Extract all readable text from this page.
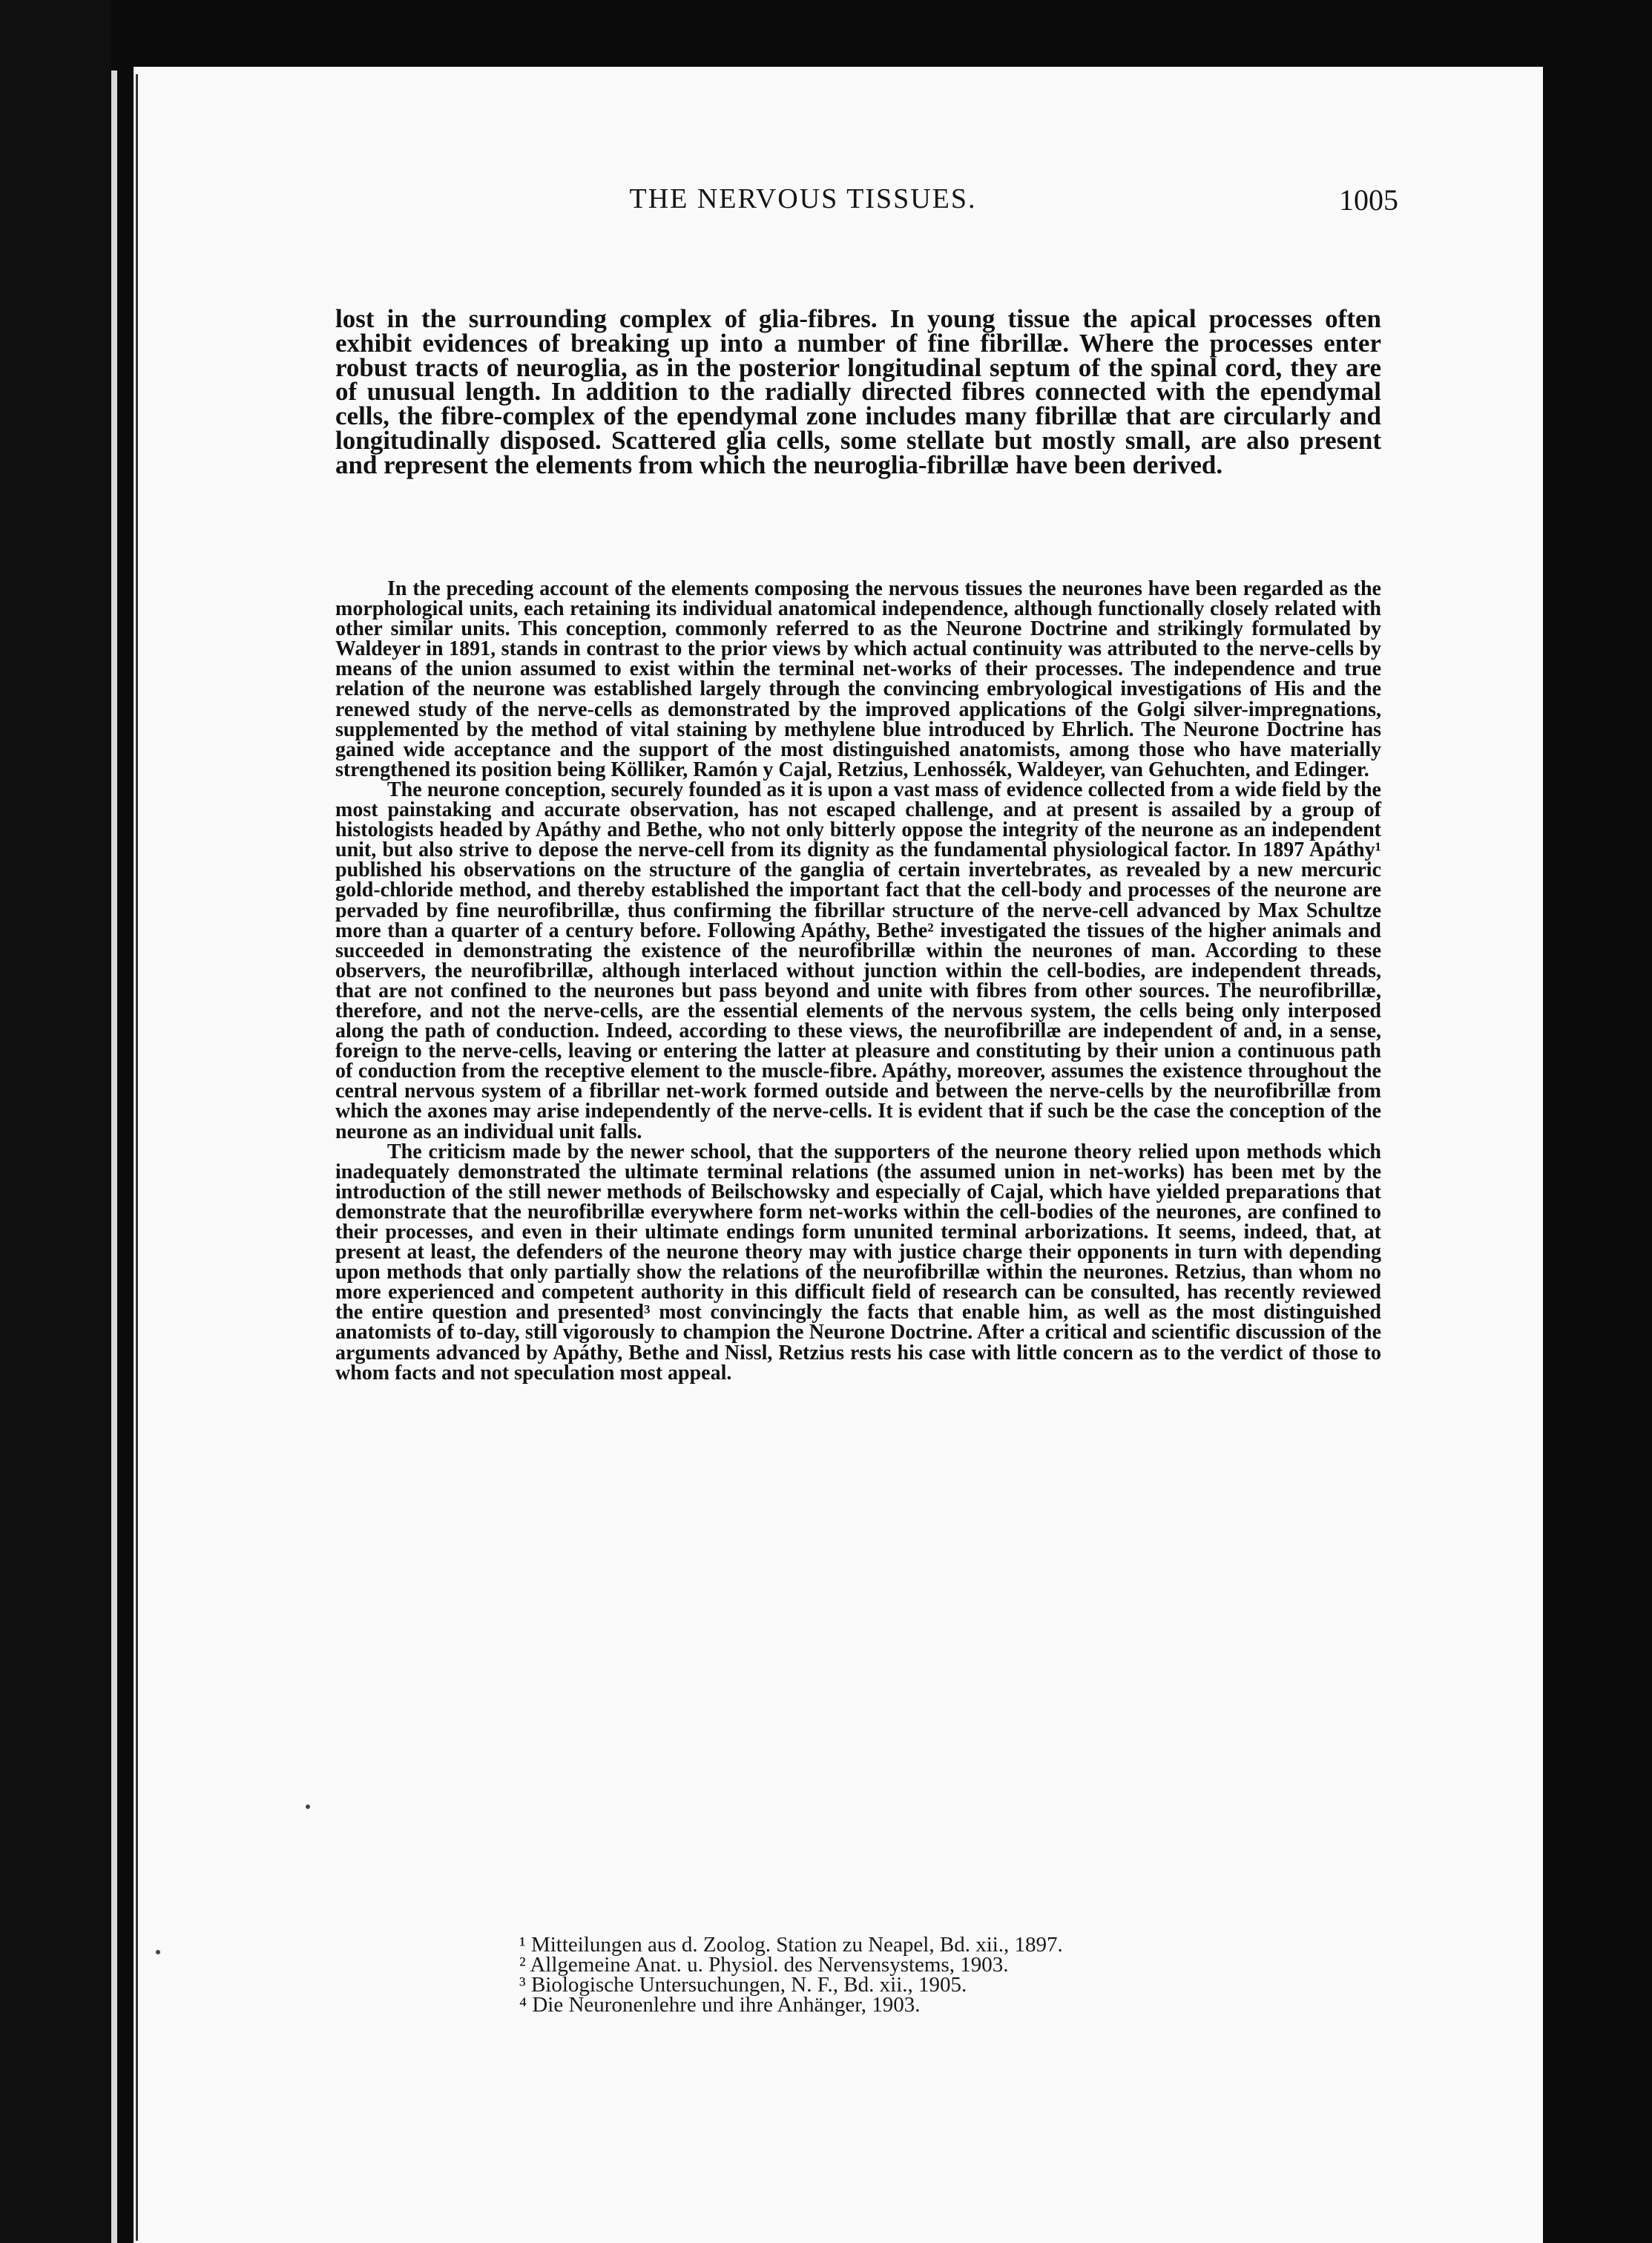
THE NERVOUS TISSUES.	1005
lost in the surrounding complex of glia-fibres. In young tissue the apical processes often exhibit evidences of breaking up into a number of fine fibrillæ. Where the processes enter robust tracts of neuroglia, as in the posterior longitudinal septum of the spinal cord, they are of unusual length. In addition to the radially directed fibres connected with the ependymal cells, the fibre-complex of the ependymal zone includes many fibrillæ that are circularly and longitudinally disposed. Scattered glia cells, some stellate but mostly small, are also present and represent the elements from which the neuroglia-fibrillæ have been derived.

In the preceding account of the elements composing the nervous tissues the neurones have been regarded as the morphological units, each retaining its individual anatomical independence, although functionally closely related with other similar units. This conception, commonly referred to as the Neurone Doctrine and strikingly formulated by Waldeyer in 1891, stands in contrast to the prior views by which actual continuity was attributed to the nerve-cells by means of the union assumed to exist within the terminal net-works of their processes. The independence and true relation of the neurone was established largely through the convincing embryological investigations of His and the renewed study of the nerve-cells as demonstrated by the improved applications of the Golgi silver-impregnations, supplemented by the method of vital staining by methylene blue introduced by Ehrlich. The Neurone Doctrine has gained wide acceptance and the support of the most distinguished anatomists, among those who have materially strengthened its position being Kölliker, Ramón y Cajal, Retzius, Lenhossék, Waldeyer, van Gehuchten, and Edinger.

The neurone conception, securely founded as it is upon a vast mass of evidence collected from a wide field by the most painstaking and accurate observation, has not escaped challenge, and at present is assailed by a group of histologists headed by Apáthy and Bethe, who not only bitterly oppose the integrity of the neurone as an independent unit, but also strive to depose the nerve-cell from its dignity as the fundamental physiological factor. In 1897 Apáthy¹ published his observations on the structure of the ganglia of certain invertebrates, as revealed by a new mercuric gold-chloride method, and thereby established the important fact that the cell-body and processes of the neurone are pervaded by fine neurofibrillæ, thus confirming the fibrillar structure of the nerve-cell advanced by Max Schultze more than a quarter of a century before. Following Apáthy, Bethe² investigated the tissues of the higher animals and succeeded in demonstrating the existence of the neurofibrillæ within the neurones of man. According to these observers, the neurofibrillæ, although interlaced without junction within the cell-bodies, are independent threads, that are not confined to the neurones but pass beyond and unite with fibres from other sources. The neurofibrillæ, therefore, and not the nerve-cells, are the essential elements of the nervous system, the cells being only interposed along the path of conduction. Indeed, according to these views, the neurofibrillæ are independent of and, in a sense, foreign to the nerve-cells, leaving or entering the latter at pleasure and constituting by their union a continuous path of conduction from the receptive element to the muscle-fibre. Apáthy, moreover, assumes the existence throughout the central nervous system of a fibrillar net-work formed outside and between the nerve-cells by the neurofibrillæ from which the axones may arise independently of the nerve-cells. It is evident that if such be the case the conception of the neurone as an individual unit falls.

The criticism made by the newer school, that the supporters of the neurone theory relied upon methods which inadequately demonstrated the ultimate terminal relations (the assumed union in net-works) has been met by the introduction of the still newer methods of Beilschowsky and especially of Cajal, which have yielded preparations that demonstrate that the neurofibrillæ everywhere form net-works within the cell-bodies of the neurones, are confined to their processes, and even in their ultimate endings form ununited terminal arborizations. It seems, indeed, that, at present at least, the defenders of the neurone theory may with justice charge their opponents in turn with depending upon methods that only partially show the relations of the neurofibrillæ within the neurones. Retzius, than whom no more experienced and competent authority in this difficult field of research can be consulted, has recently reviewed the entire question and presented³ most convincingly the facts that enable him, as well as the most distinguished anatomists of to-day, still vigorously to champion the Neurone Doctrine. After a critical and scientific discussion of the arguments advanced by Apáthy, Bethe and Nissl, Retzius rests his case with little concern as to the verdict of those to whom facts and not speculation most appeal.

¹ Mitteilungen aus d. Zoolog. Station zu Neapel, Bd. xii., 1897.
² Allgemeine Anat. u. Physiol. des Nervensystems, 1903.
³ Biologische Untersuchungen, N. F., Bd. xii., 1905.
⁴ Die Neuronenlehre und ihre Anhänger, 1903.
